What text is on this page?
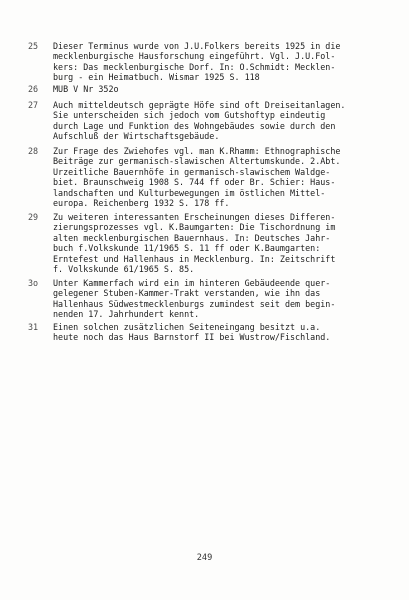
25	Dieser Terminus wurde von J.U.Folkers bereits 1925 in die
mecklenburgische Hausforschung eingeführt. Vgl. J.U.Fol-
kers: Das mecklenburgische Dorf. In: O.Schmidt: Mecklen-
burg - ein Heimatbuch. Wismar 1925 S. 118
26	MUB V Nr 352o
27	Auch mitteldeutsch geprägte Höfe sind oft Dreiseitanlagen.
Sie unterscheiden sich jedoch vom Gutshoftyp eindeutig
durch Lage und Funktion des Wohngebäudes sowie durch den
Aufschluß der Wirtschaftsgebäude.
28	Zur Frage des Zwiehofes vgl. man K.Rhamm: Ethnographische
Beiträge zur germanisch-slawischen Altertumskunde. 2.Abt.
Urzeitliche Bauernhöfe in germanisch-slawischem Waldge-
biet. Braunschweig 1908 S. 744 ff oder Br. Schier: Haus-
landschaften und Kulturbewegungen im östlichen Mittel-
europa. Reichenberg 1932 S. 178 ff.
29	Zu weiteren interessanten Erscheinungen dieses Differen-
zierungsprozesses vgl. K.Baumgarten: Die Tischordnung im
alten mecklenburgischen Bauernhaus. In: Deutsches Jahr-
buch f.Volkskunde 11/1965 S. 11 ff oder K.Baumgarten:
Erntefest und Hallenhaus in Mecklenburg. In: Zeitschrift
f. Volkskunde 61/1965 S. 85.
3o	Unter Kammerfach wird ein im hinteren Gebäudeende quer-
gelegener Stuben-Kammer-Trakt verstanden, wie ihn das
Hallenhaus Südwestmecklenburgs zumindest seit dem begin-
nenden 17. Jahrhundert kennt.
31	Einen solchen zusätzlichen Seiteneingang besitzt u.a.
heute noch das Haus Barnstorf II bei Wustrow/Fischland.
249
